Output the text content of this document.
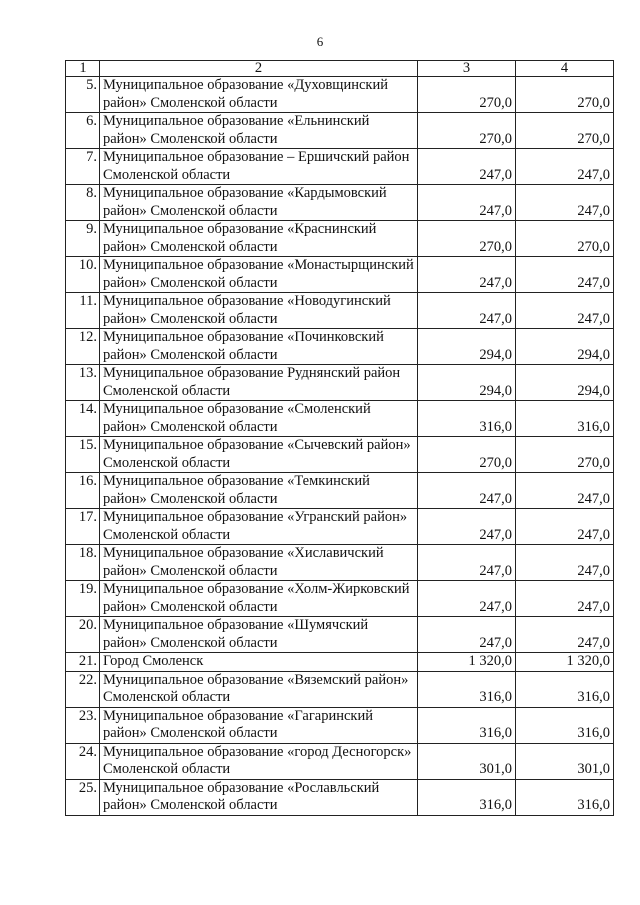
6
1	2	3	4
5.	Муниципальное образование «Духовщинский район» Смоленской области	270,0	270,0
6.	Муниципальное образование «Ельнинский район» Смоленской области	270,0	270,0
7.	Муниципальное образование – Ершичский район Смоленской области	247,0	247,0
8.	Муниципальное образование «Кардымовский район» Смоленской области	247,0	247,0
9.	Муниципальное образование «Краснинский район» Смоленской области	270,0	270,0
10.	Муниципальное образование «Монастырщинский район» Смоленской области	247,0	247,0
11.	Муниципальное образование «Новодугинский район» Смоленской области	247,0	247,0
12.	Муниципальное образование «Починковский район» Смоленской области	294,0	294,0
13.	Муниципальное образование Руднянский район Смоленской области	294,0	294,0
14.	Муниципальное образование «Смоленский район» Смоленской области	316,0	316,0
15.	Муниципальное образование «Сычевский район» Смоленской области	270,0	270,0
16.	Муниципальное образование «Темкинский район» Смоленской области	247,0	247,0
17.	Муниципальное образование «Угранский район» Смоленской области	247,0	247,0
18.	Муниципальное образование «Хиславичский район» Смоленской области	247,0	247,0
19.	Муниципальное образование «Холм-Жирковский район» Смоленской области	247,0	247,0
20.	Муниципальное образование «Шумячский район» Смоленской области	247,0	247,0
21.	Город Смоленск	1 320,0	1 320,0
22.	Муниципальное образование «Вяземский район» Смоленской области	316,0	316,0
23.	Муниципальное образование «Гагаринский район» Смоленской области	316,0	316,0
24.	Муниципальное образование «город Десногорск» Смоленской области	301,0	301,0
25.	Муниципальное образование «Рославльский район» Смоленской области	316,0	316,0
